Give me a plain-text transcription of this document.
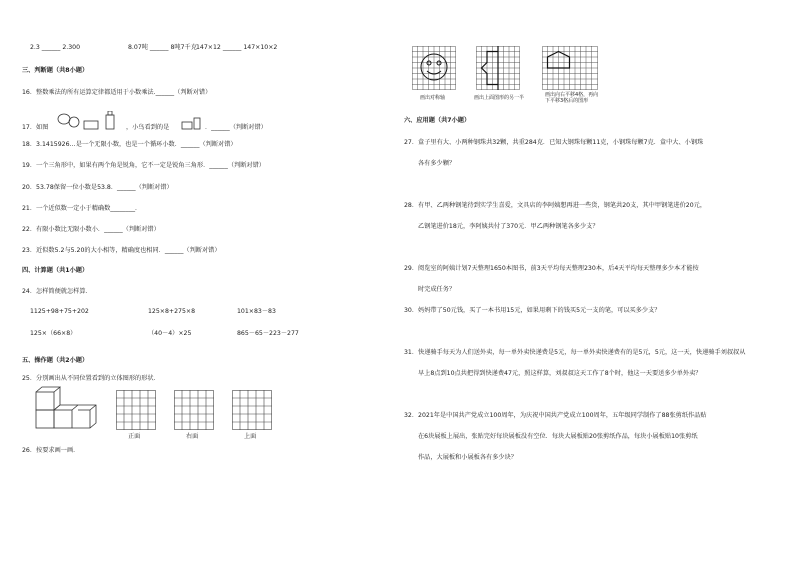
2.3 ______ 2.300	8.07吨 ______ 8吨7千克 147×12 ______ 147×10×2
三、判断题（共8小题）
16．整数乘法的所有运算定律都适用于小数乘法.______（判断对错）
17．如图	，小鸟看到的是	．______（判断对错）
18．3.1415926…是一个无限小数，也是一个循环小数．______（判断对错）
19．一个三角形中，如果有两个角是锐角，它不一定是锐角三角形．______（判断对错）
20．53.78保留一位小数是53.8．______（判断对错）
21．一个近似数一定小于精确数________．
22．有限小数比无限小数小．______（判断对错）
23．近似数5.2与5.20的大小相等，精确度也相同．______（判断对错）
四、计算题（共1小题）
24．怎样简便就怎样算．
1125+98+75+202	125×8+275×8	101×83－83
125×（66×8）	（40－4）×25	865－65－223－277
五、操作题（共2小题）
25．分别画出从不同位置看到的立体图形的形状．
正面	右面	上面
26．按要求画一画．
画出对称轴	画出上面图形的另一半	画出向右平移4格，再向下平移3格后的图形
六、应用题（共7小题）
27．盒子里有大、小两种钢珠共32颗，共重284克．已知大钢珠每颗11克，小钢珠每颗7克．盒中大、小钢珠
各有多少颗？
28．有甲、乙两种钢笔待到实学生喜爱，文具店的李阿姨想再进一些货，钢笔共20支，其中甲钢笔进价20元，
乙钢笔进价18元，李阿姨共付了370元．甲乙两种钢笔各多少支？
29．阅览室的阿姨计划7天整理1650本图书，前3天平均每天整理230本，后4天平均每天整理多少本才能按
时完成任务？
30．妈妈带了50元钱，买了一本书用15元，如果用剩下的钱买5元一支的笔，可以买多少支？
31．快递骑手每天为人们送外卖，每一单外卖快递费是5元，每一单外卖快递费有的是5元，5元，这一天，快递骑手刘叔叔从
早上8点到10点共把得到快递费47元，照这样算，刘叔叔这天工作了8个时，他这一天要送多少单外卖？
32．2021年是中国共产党成立100周年，为庆祝中国共产党成立100周年，五年级同学制作了88张剪纸作品贴
在6块展板上展出，张贴完好每块展板没有空位．每块大展板贴20张剪纸作品，每块小展板贴10张剪纸
作品，大展板和小展板各有多少块？
